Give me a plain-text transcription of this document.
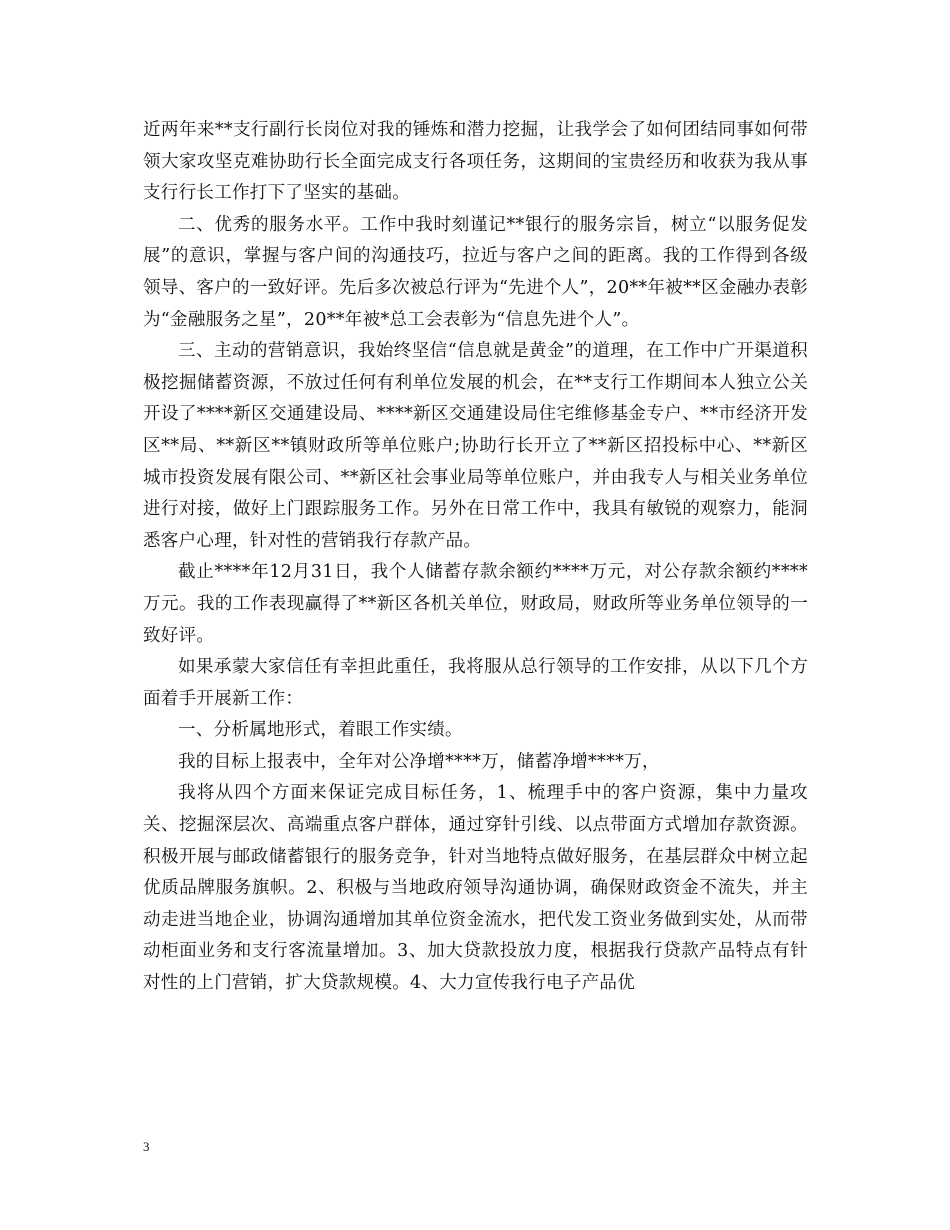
近两年来**支行副行长岗位对我的锤炼和潜力挖掘，让我学会了如何团结同事如何带领大家攻坚克难协助行长全面完成支行各项任务，这期间的宝贵经历和收获为我从事支行行长工作打下了坚实的基础。

二、优秀的服务水平。工作中我时刻谨记**银行的服务宗旨，树立“以服务促发展”的意识，掌握与客户间的沟通技巧，拉近与客户之间的距离。我的工作得到各级领导、客户的一致好评。先后多次被总行评为“先进个人”，20**年被**区金融办表彰为“金融服务之星”，20**年被*总工会表彰为“信息先进个人”。

三、主动的营销意识，我始终坚信“信息就是黄金”的道理，在工作中广开渠道积极挖掘储蓄资源，不放过任何有利单位发展的机会，在**支行工作期间本人独立公关开设了****新区交通建设局、****新区交通建设局住宅维修基金专户、**市经济开发区**局、**新区**镇财政所等单位账户;协助行长开立了**新区招投标中心、**新区城市投资发展有限公司、**新区社会事业局等单位账户，并由我专人与相关业务单位进行对接，做好上门跟踪服务工作。另外在日常工作中，我具有敏锐的观察力，能洞悉客户心理，针对性的营销我行存款产品。

截止****年12月31日，我个人储蓄存款余额约****万元，对公存款余额约****万元。我的工作表现赢得了**新区各机关单位，财政局，财政所等业务单位领导的一致好评。

如果承蒙大家信任有幸担此重任，我将服从总行领导的工作安排，从以下几个方面着手开展新工作：

一、分析属地形式，着眼工作实绩。

我的目标上报表中，全年对公净增****万，储蓄净增****万，

我将从四个方面来保证完成目标任务，1、梳理手中的客户资源，集中力量攻关、挖掘深层次、高端重点客户群体，通过穿针引线、以点带面方式增加存款资源。积极开展与邮政储蓄银行的服务竞争，针对当地特点做好服务，在基层群众中树立起优质品牌服务旗帜。2、积极与当地政府领导沟通协调，确保财政资金不流失，并主动走进当地企业，协调沟通增加其单位资金流水，把代发工资业务做到实处，从而带动柜面业务和支行客流量增加。3、加大贷款投放力度，根据我行贷款产品特点有针对性的上门营销，扩大贷款规模。4、大力宣传我行电子产品优

3
